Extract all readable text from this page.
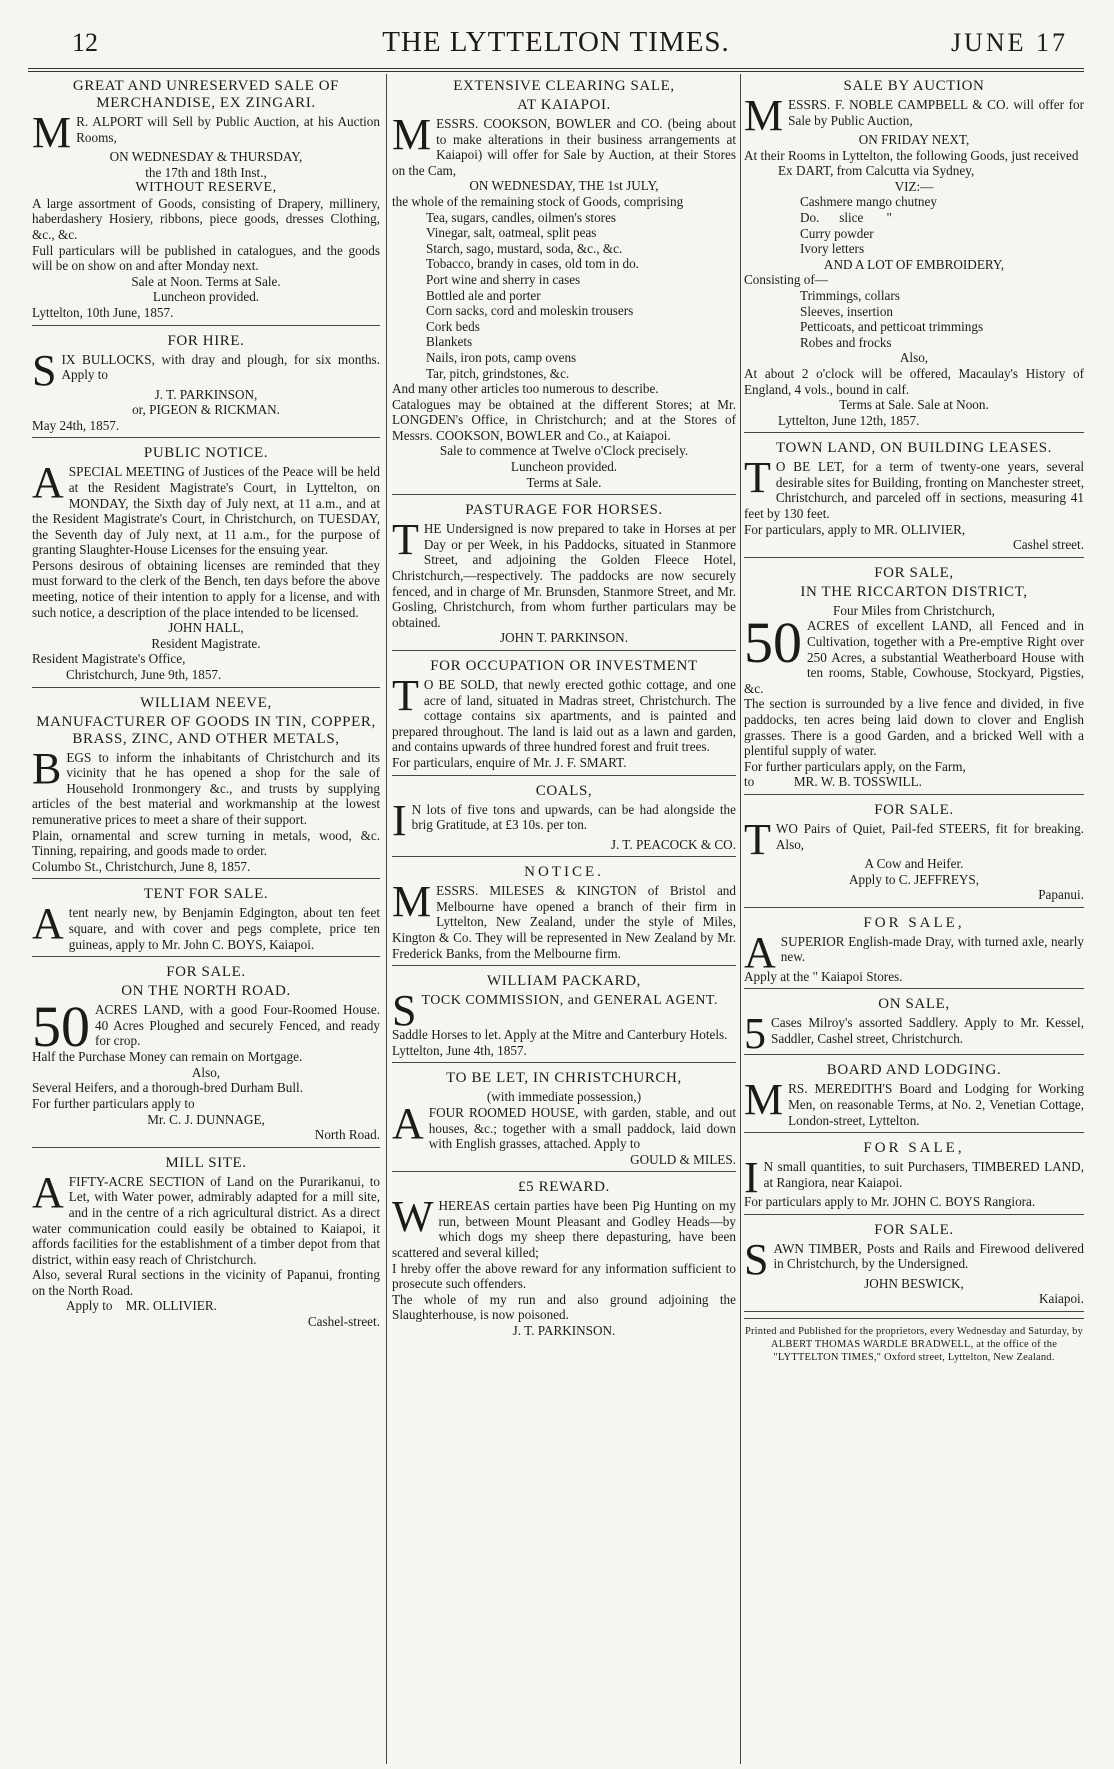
12	THE LYTTELTON TIMES.	JUNE 17
GREAT AND UNRESERVED SALE OF MERCHANDISE, EX ZINGARI.

M R. ALPORT will Sell by Public Auction, at his Auction Rooms,

ON WEDNESDAY & THURSDAY,

the 17th and 18th Inst.,

WITHOUT RESERVE,

A large assortment of Goods, consisting of Drapery, millinery, haberdashery Hosiery, ribbons, piece goods, dresses Clothing, &c., &c.

Full particulars will be published in catalogues, and the goods will be on show on and after Monday next.

Sale at Noon. Terms at Sale.

Luncheon provided.

Lyttelton, 10th June, 1857.

FOR HIRE.

SIX BULLOCKS, with dray and plough, for six months. Apply to

J. T. PARKINSON,

or, PIGEON & RICKMAN.

May 24th, 1857.

PUBLIC NOTICE.

ASPECIAL MEETING of Justices of the Peace will be held at the Resident Magistrate's Court, in Lyttelton, on MONDAY, the Sixth day of July next, at 11 a.m., and at the Resident Magistrate's Court, in Christchurch, on TUESDAY, the Seventh day of July next, at 11 a.m., for the purpose of granting Slaughter-House Licenses for the ensuing year.

Persons desirous of obtaining licenses are reminded that they must forward to the clerk of the Bench, ten days before the above meeting, notice of their intention to apply for a license, and with such notice, a description of the place intended to be licensed.

JOHN HALL,

Resident Magistrate.

Resident Magistrate's Office,

Christchurch, June 9th, 1857.

WILLIAM NEEVE,
MANUFACTURER OF GOODS IN TIN, COPPER, BRASS, ZINC, AND OTHER METALS,

BEGS to inform the inhabitants of Christchurch and its vicinity that he has opened a shop for the sale of Household Ironmongery &c., and trusts by supplying articles of the best material and workmanship at the lowest remunerative prices to meet a share of their support.

Plain, ornamental and screw turning in metals, wood, &c. Tinning, repairing, and goods made to order.

Columbo St., Christchurch, June 8, 1857.

TENT FOR SALE.

Atent nearly new, by Benjamin Edgington, about ten feet square, and with cover and pegs complete, price ten guineas, apply to Mr. John C. BOYS, Kaiapoi.

FOR SALE.
ON THE NORTH ROAD.

50 ACRES LAND, with a good Four-Roomed House. 40 Acres Ploughed and securely Fenced, and ready for crop.

Half the Purchase Money can remain on Mortgage.

Also,

Several Heifers, and a thorough-bred Durham Bull.

For further particulars apply to

Mr. C. J. DUNNAGE,

North Road.

MILL SITE.

AFIFTY-ACRE SECTION of Land on the Purarikanui, to Let, with Water power, admirably adapted for a mill site, and in the centre of a rich agricultural district. As a direct water communication could easily be obtained to Kaiapoi, it affords facilities for the establishment of a timber depot from that district, within easy reach of Christchurch.

Also, several Rural sections in the vicinity of Papanui, fronting on the North Road.

Apply to MR. OLLIVIER.

Cashel-street.

EXTENSIVE CLEARING SALE,
AT KAIAPOI.

MESSRS. COOKSON, BOWLER and CO. (being about to make alterations in their business arrangements at Kaiapoi) will offer for Sale by Auction, at their Stores on the Cam,

ON WEDNESDAY, THE 1st JULY,

the whole of the remaining stock of Goods, comprising

Tea, sugars, candles, oilmen's stores

Vinegar, salt, oatmeal, split peas

Starch, sago, mustard, soda, &c., &c.

Tobacco, brandy in cases, old tom in do.

Port wine and sherry in cases

Bottled ale and porter

Corn sacks, cord and moleskin trousers

Cork beds

Blankets

Nails, iron pots, camp ovens

Tar, pitch, grindstones, &c.

And many other articles too numerous to describe.

Catalogues may be obtained at the different Stores; at Mr. LONGDEN's Office, in Christchurch; and at the Stores of Messrs. COOKSON, BOWLER and Co., at Kaiapoi.

Sale to commence at Twelve o'Clock precisely.

Luncheon provided.

Terms at Sale.

PASTURAGE FOR HORSES.

THE Undersigned is now prepared to take in Horses at per Day or per Week, in his Paddocks, situated in Stanmore Street, and adjoining the Golden Fleece Hotel, Christchurch,—respectively. The paddocks are now securely fenced, and in charge of Mr. Brunsden, Stanmore Street, and Mr. Gosling, Christchurch, from whom further particulars may be obtained.

JOHN T. PARKINSON.

FOR OCCUPATION OR INVESTMENT

T O BE SOLD, that newly erected gothic cottage, and one acre of land, situated in Madras street, Christchurch. The cottage contains six apartments, and is painted and prepared throughout. The land is laid out as a lawn and garden, and contains upwards of three hundred forest and fruit trees.

For particulars, enquire of Mr. J. F. SMART.

COALS,

I N lots of five tons and upwards, can be had alongside the brig Gratitude, at £3 10s. per ton.

J. T. PEACOCK & CO.

NOTICE.

MESSRS. MILESES & KINGTON of Bristol and Melbourne have opened a branch of their firm in Lyttelton, New Zealand, under the style of Miles, Kington & Co. They will be represented in New Zealand by Mr. Frederick Banks, from the Melbourne firm.

WILLIAM PACKARD,

STOCK COMMISSION, and GENERAL AGENT.

Saddle Horses to let. Apply at the Mitre and Canterbury Hotels.

Lyttelton, June 4th, 1857.

TO BE LET, IN CHRISTCHURCH,

(with immediate possession,)

AFOUR ROOMED HOUSE, with garden, stable, and out houses, &c.; together with a small paddock, laid down with English grasses, attached. Apply to

GOULD & MILES.

£5 REWARD.

WHEREAS certain parties have been Pig Hunting on my run, between Mount Pleasant and Godley Heads—by which dogs my sheep there depasturing, have been scattered and several killed;

I hreby offer the above reward for any information sufficient to prosecute such offenders.

The whole of my run and also ground adjoining the Slaughterhouse, is now poisoned.

J. T. PARKINSON.

SALE BY AUCTION

MESSRS. F. NOBLE CAMPBELL & CO. will offer for Sale by Public Auction,

ON FRIDAY NEXT,

At their Rooms in Lyttelton, the following Goods, just received

Ex DART, from Calcutta via Sydney,

VIZ:—

Cashmere mango chutney

Do.      slice       "

Curry powder

Ivory letters

AND A LOT OF EMBROIDERY,

Consisting of—

Trimmings, collars

Sleeves, insertion

Petticoats, and petticoat trimmings

Robes and frocks

Also,

At about 2 o'clock will be offered, Macaulay's History of England, 4 vols., bound in calf.

Terms at Sale. Sale at Noon.

Lyttelton, June 12th, 1857.

TOWN LAND, ON BUILDING LEASES.

T O BE LET, for a term of twenty-one years, several desirable sites for Building, fronting on Manchester street, Christchurch, and parceled off in sections, measuring 41 feet by 130 feet.

For particulars, apply to MR. OLLIVIER,

Cashel street.

FOR SALE,
IN THE RICCARTON DISTRICT,

Four Miles from Christchurch,

50 ACRES of excellent LAND, all Fenced and in Cultivation, together with a Pre-emptive Right over 250 Acres, a substantial Weatherboard House with ten rooms, Stable, Cowhouse, Stockyard, Pigsties, &c.

The section is surrounded by a live fence and divided, in five paddocks, ten acres being laid down to clover and English grasses. There is a good Garden, and a bricked Well with a plentiful supply of water.

For further particulars apply, on the Farm,

to	MR. W. B. TOSSWILL.

FOR SALE.

TWO Pairs of Quiet, Pail-fed STEERS, fit for breaking. Also,

A Cow and Heifer.

Apply to C. JEFFREYS,

Papanui.

FOR SALE,

ASUPERIOR English-made Dray, with turned axle, nearly new.

Apply at the " Kaiapoi Stores.

ON SALE,

5 Cases Milroy's assorted Saddlery. Apply to Mr. Kessel, Saddler, Cashel street, Christchurch.

BOARD AND LODGING.

MRS. MEREDITH'S Board and Lodging for Working Men, on reasonable Terms, at No. 2, Venetian Cottage, London-street, Lyttelton.

FOR SALE,

I N small quantities, to suit Purchasers, TIMBERED LAND, at Rangiora, near Kaiapoi.

For particulars apply to Mr. JOHN C. BOYS Rangiora.

FOR SALE.

SAWN TIMBER, Posts and Rails and Firewood delivered in Christchurch, by the Undersigned.

JOHN BESWICK,

Kaiapoi.

Printed and Published for the proprietors, every Wednesday and Saturday, by ALBERT THOMAS WARDLE BRADWELL, at the office of the "LYTTELTON TIMES," Oxford street, Lyttelton, New Zealand.
